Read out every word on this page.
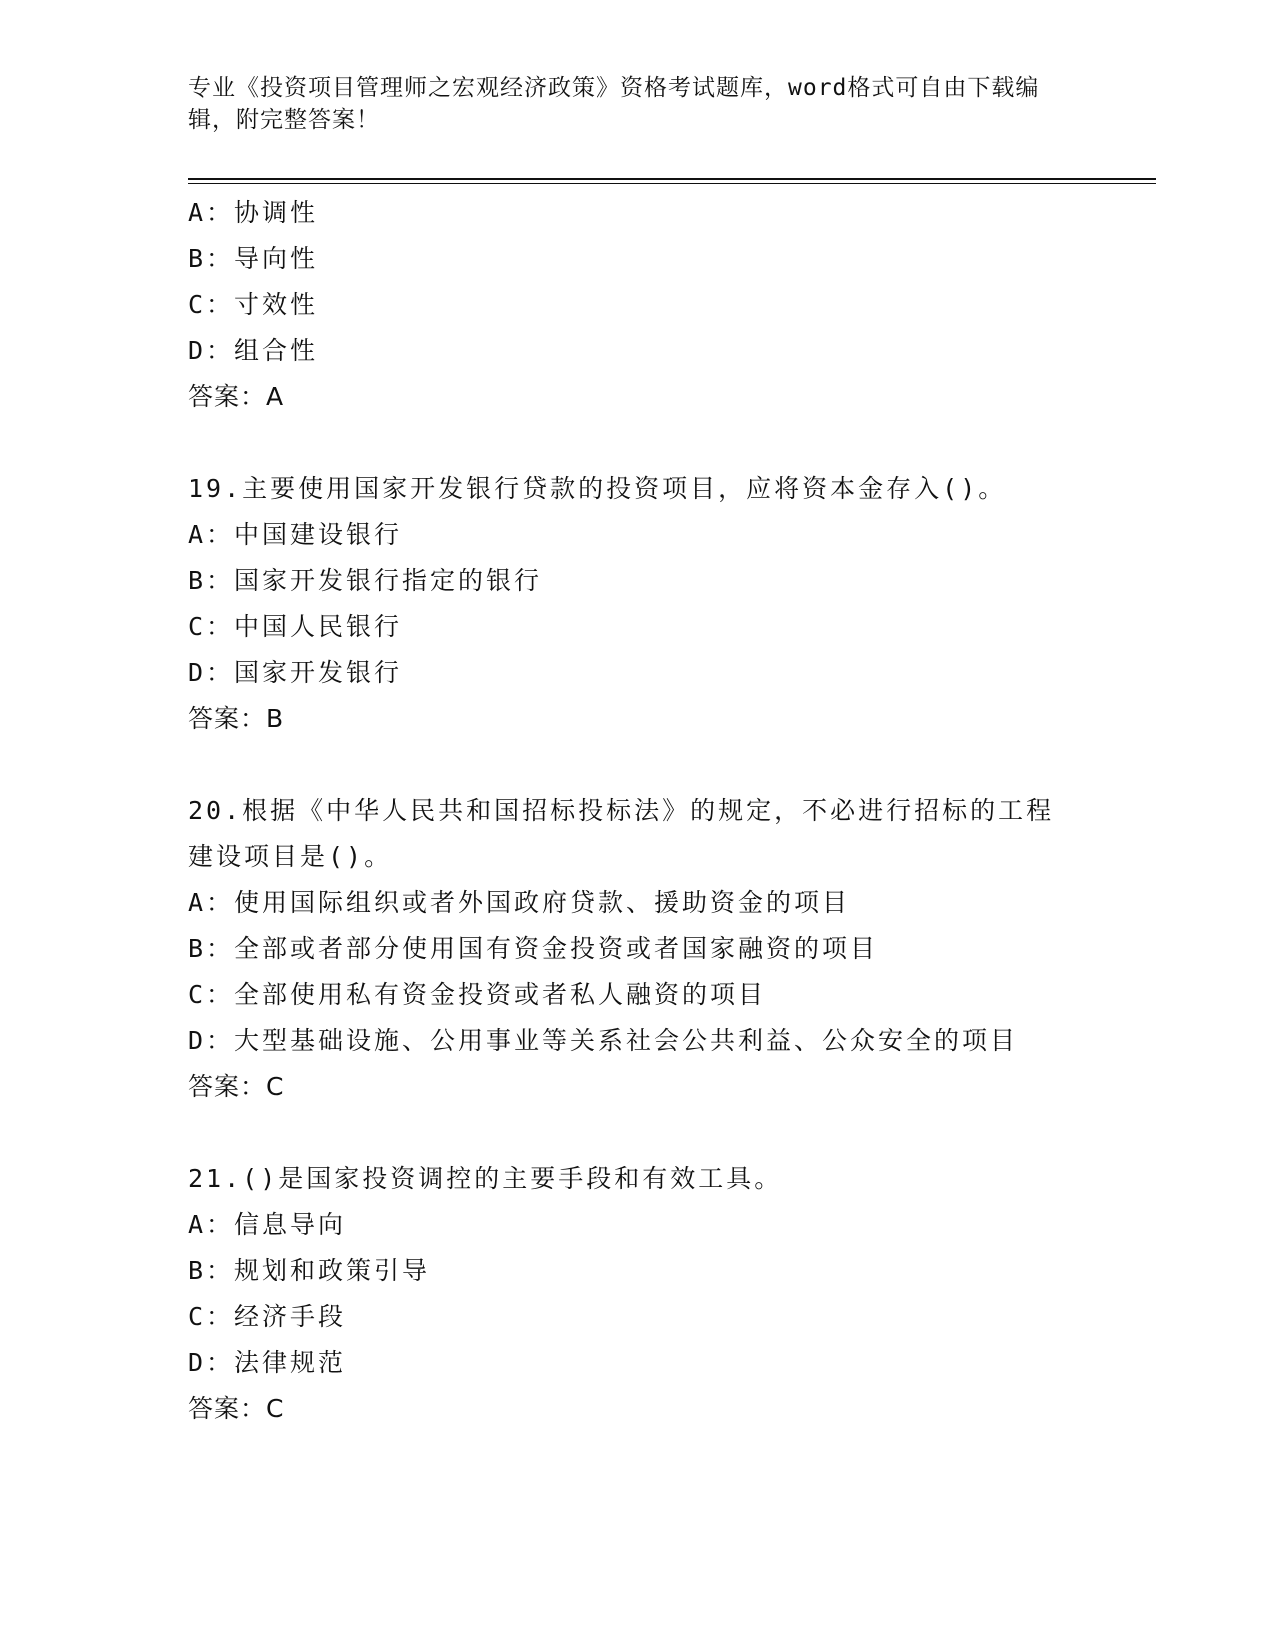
专业《投资项目管理师之宏观经济政策》资格考试题库，word格式可自由下载编
辑，附完整答案！
A：协调性
B：导向性
C：寸效性
D：组合性
答案：A
19.主要使用国家开发银行贷款的投资项目，应将资本金存入()。
A：中国建设银行
B：国家开发银行指定的银行
C：中国人民银行
D：国家开发银行
答案：B
20.根据《中华人民共和国招标投标法》的规定，不必进行招标的工程
建设项目是()。
A：使用国际组织或者外国政府贷款、援助资金的项目
B：全部或者部分使用国有资金投资或者国家融资的项目
C：全部使用私有资金投资或者私人融资的项目
D：大型基础设施、公用事业等关系社会公共利益、公众安全的项目
答案：C
21.()是国家投资调控的主要手段和有效工具。
A：信息导向
B：规划和政策引导
C：经济手段
D：法律规范
答案：C
